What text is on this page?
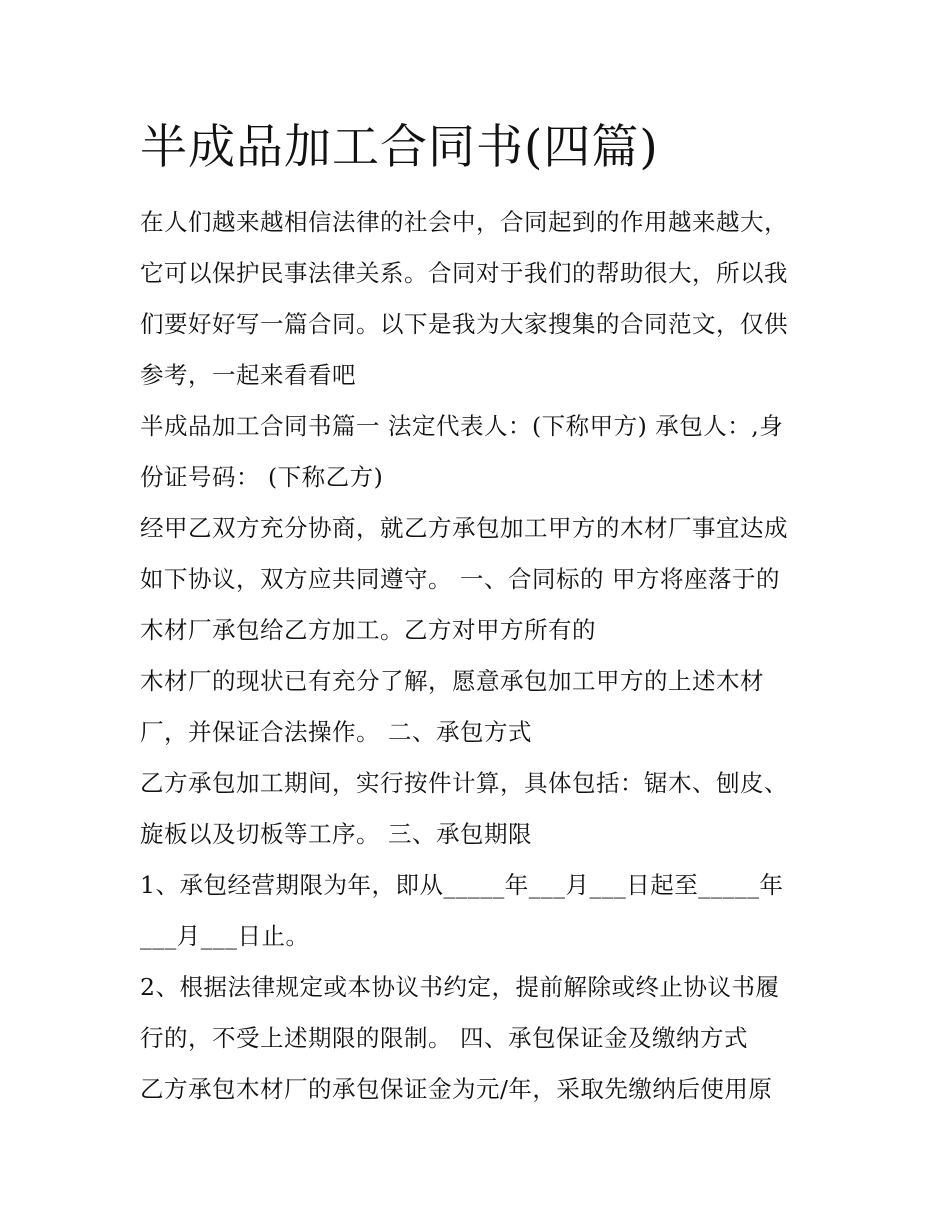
半成品加工合同书(四篇)
在人们越来越相信法律的社会中，合同起到的作用越来越大，
它可以保护民事法律关系。合同对于我们的帮助很大，所以我
们要好好写一篇合同。以下是我为大家搜集的合同范文，仅供
参考，一起来看看吧
半成品加工合同书篇一 法定代表人：(下称甲方) 承包人：,身
份证号码： (下称乙方)
经甲乙双方充分协商，就乙方承包加工甲方的木材厂事宜达成
如下协议，双方应共同遵守。 一、合同标的 甲方将座落于的
木材厂承包给乙方加工。乙方对甲方所有的
木材厂的现状已有充分了解，愿意承包加工甲方的上述木材
厂，并保证合法操作。 二、承包方式
乙方承包加工期间，实行按件计算，具体包括：锯木、刨皮、
旋板以及切板等工序。 三、承包期限
1、承包经营期限为年，即从_____年___月___日起至_____年
___月___日止。
2、根据法律规定或本协议书约定，提前解除或终止协议书履
行的，不受上述期限的限制。 四、承包保证金及缴纳方式
乙方承包木材厂的承包保证金为元/年，采取先缴纳后使用原
